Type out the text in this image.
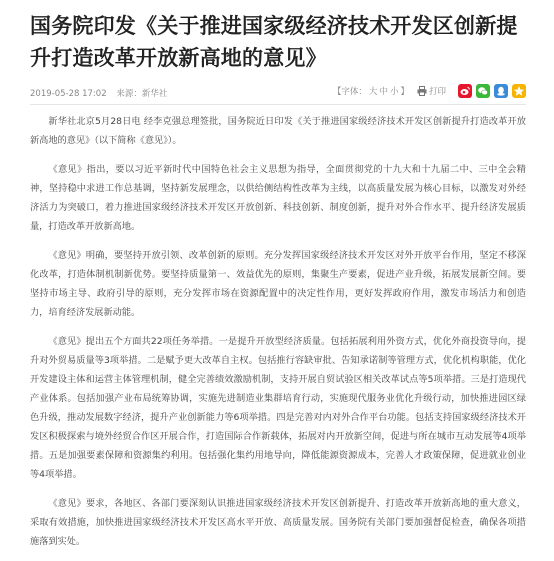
国务院印发《关于推进国家级经济技术开发区创新提升打造改革开放新高地的意见》
2019-05-28 17:02 来源：新华社	【字体： 大 中 小 】 打印

新华社北京5月28日电 经李克强总理签批，国务院近日印发《关于推进国家级经济技术开发区创新提升打造改革开放新高地的意见》（以下简称《意见》）。

《意见》指出，要以习近平新时代中国特色社会主义思想为指导，全面贯彻党的十九大和十九届二中、三中全会精神，坚持稳中求进工作总基调，坚持新发展理念，以供给侧结构性改革为主线，以高质量发展为核心目标，以激发对外经济活力为突破口，着力推进国家级经济技术开发区开放创新、科技创新、制度创新，提升对外合作水平、提升经济发展质量，打造改革开放新高地。

《意见》明确，要坚持开放引领、改革创新的原则。充分发挥国家级经济技术开发区对外开放平台作用，坚定不移深化改革，打造体制机制新优势。要坚持质量第一、效益优先的原则，集聚生产要素，促进产业升级，拓展发展新空间。要坚持市场主导、政府引导的原则，充分发挥市场在资源配置中的决定性作用，更好发挥政府作用，激发市场活力和创造力，培育经济发展新动能。

《意见》提出五个方面共22项任务举措。一是提升开放型经济质量。包括拓展利用外资方式，优化外商投资导向，提升对外贸易质量等3项举措。二是赋予更大改革自主权。包括推行容缺审批、告知承诺制等管理方式，优化机构职能，优化开发建设主体和运营主体管理机制，健全完善绩效激励机制，支持开展自贸试验区相关改革试点等5项举措。三是打造现代产业体系。包括加强产业布局统筹协调，实施先进制造业集群培育行动，实施现代服务业优化升级行动，加快推进园区绿色升级，推动发展数字经济，提升产业创新能力等6项举措。四是完善对内对外合作平台功能。包括支持国家级经济技术开发区积极探索与境外经贸合作区开展合作，打造国际合作新载体，拓展对内开放新空间，促进与所在城市互动发展等4项举措。五是加强要素保障和资源集约利用。包括强化集约用地导向，降低能源资源成本，完善人才政策保障，促进就业创业等4项举措。

《意见》要求，各地区、各部门要深刻认识推进国家级经济技术开发区创新提升、打造改革开放新高地的重大意义，采取有效措施，加快推进国家级经济技术开发区高水平开放、高质量发展。国务院有关部门要加强督促检查，确保各项措施落到实处。
